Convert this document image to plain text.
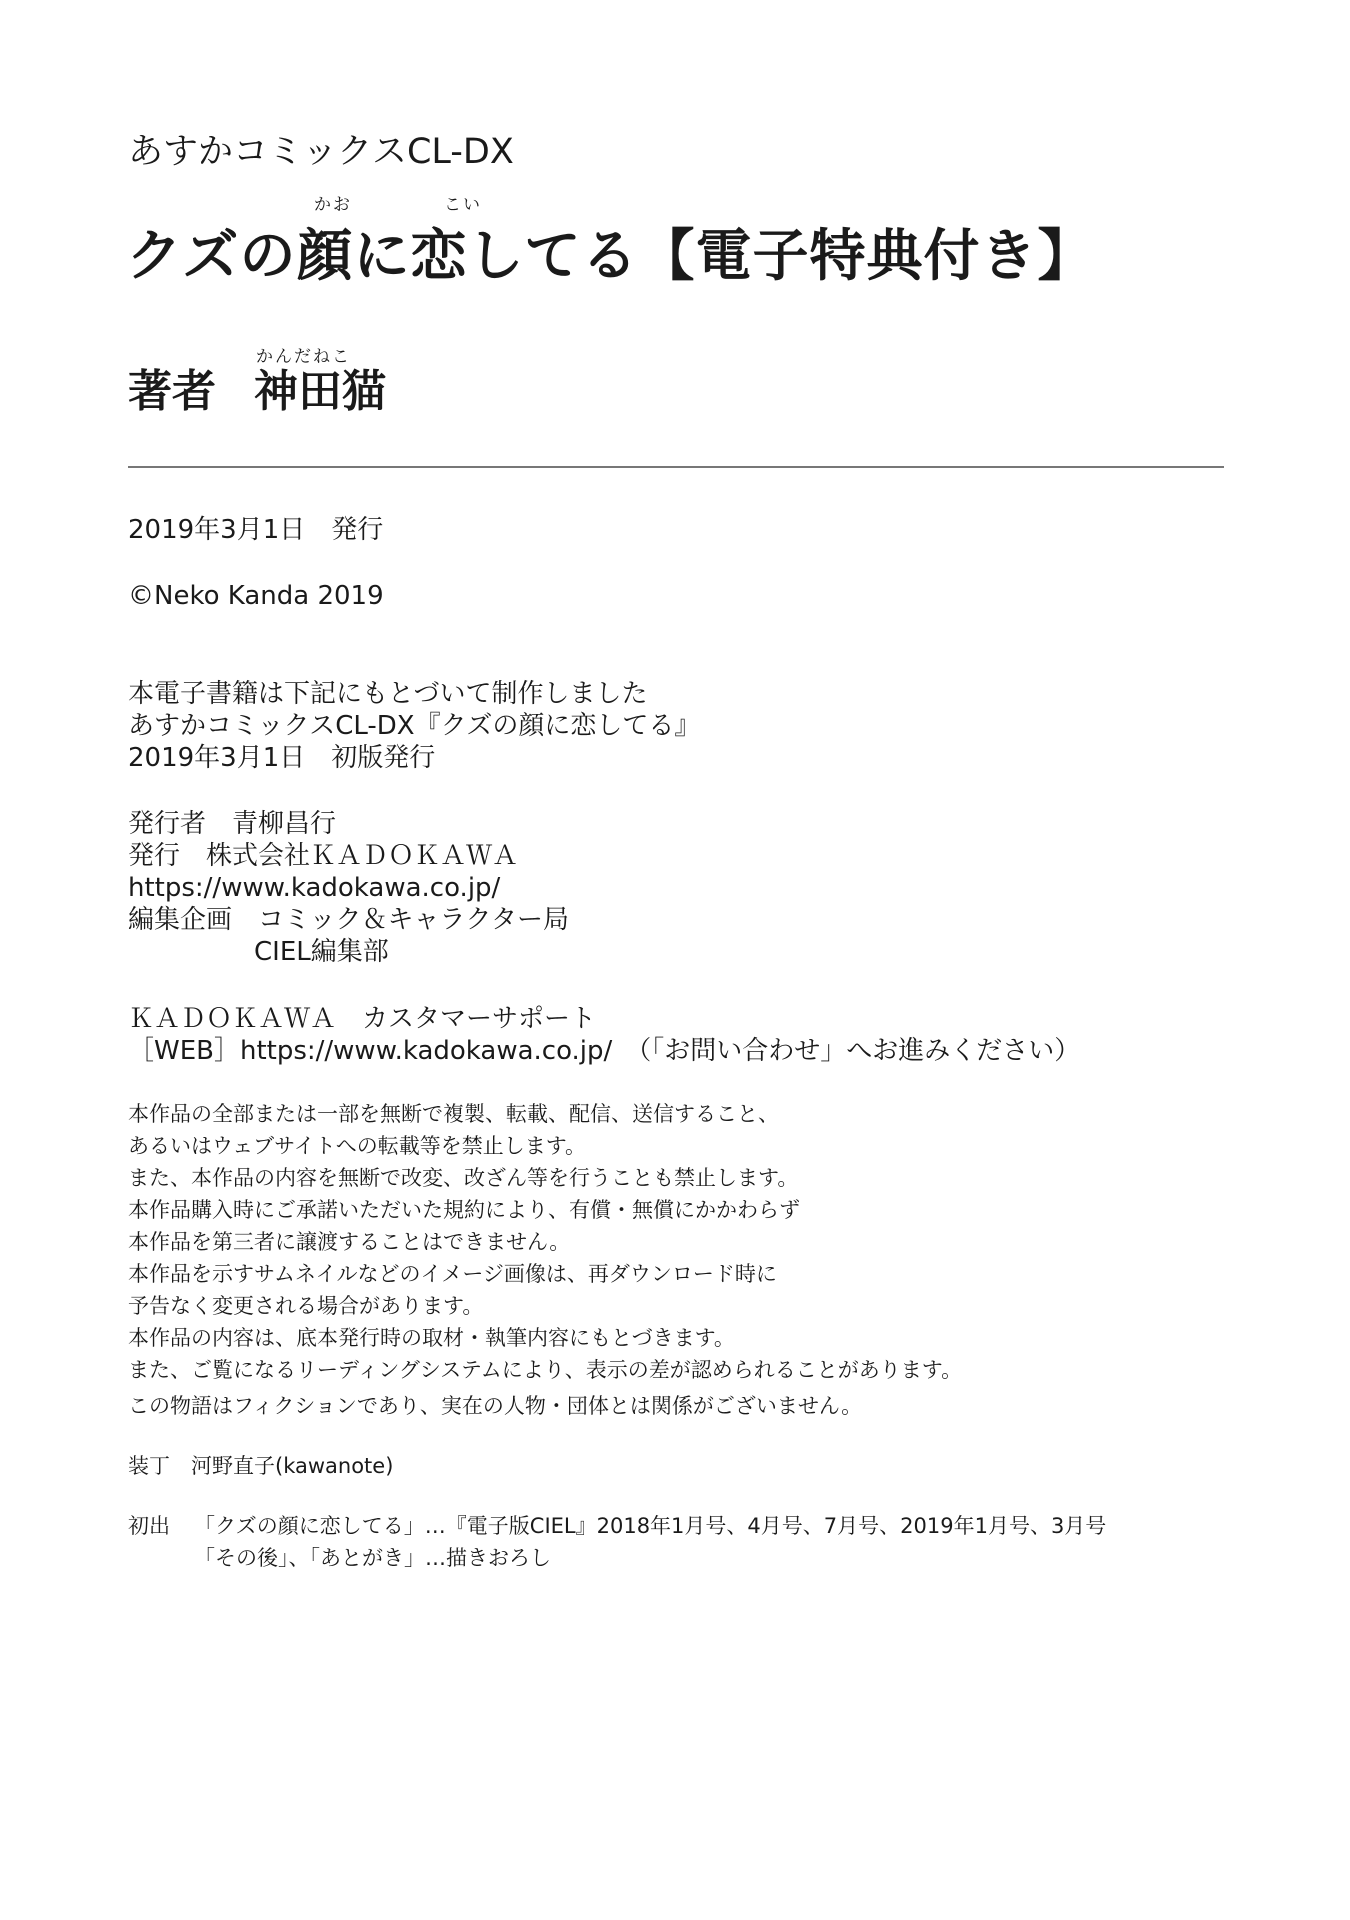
あすかコミックスCL-DX
かお	こい
クズの顔に恋してる【電子特典付き】
著者
かんだねこ
神田猫
2019年3月1日　発行
©Neko Kanda 2019
本電子書籍は下記にもとづいて制作しました
あすかコミックスCL-DX『クズの顔に恋してる』
2019年3月1日　初版発行
発行者　青柳昌行
発行　株式会社ＫＡＤＯＫＡＷＡ
https://www.kadokawa.co.jp/
編集企画　コミック＆キャラクター局
CIEL編集部
ＫＡＤＯＫＡＷＡ　カスタマーサポート
［WEB］https://www.kadokawa.co.jp/　（「お問い合わせ」へお進みください）
本作品の全部または一部を無断で複製、転載、配信、送信すること、
あるいはウェブサイトへの転載等を禁止します。
また、本作品の内容を無断で改変、改ざん等を行うことも禁止します。
本作品購入時にご承諾いただいた規約により、有償・無償にかかわらず
本作品を第三者に譲渡することはできません。
本作品を示すサムネイルなどのイメージ画像は、再ダウンロード時に
予告なく変更される場合があります。
本作品の内容は、底本発行時の取材・執筆内容にもとづきます。
また、ご覧になるリーディングシステムにより、表示の差が認められることがあります。
この物語はフィクションであり、実在の人物・団体とは関係がございません。
装丁　河野直子(kawanote)
初出 「クズの顔に恋してる」…『電子版CIEL』2018年1月号、4月号、7月号、2019年1月号、3月号
「その後」、「あとがき」…描きおろし
